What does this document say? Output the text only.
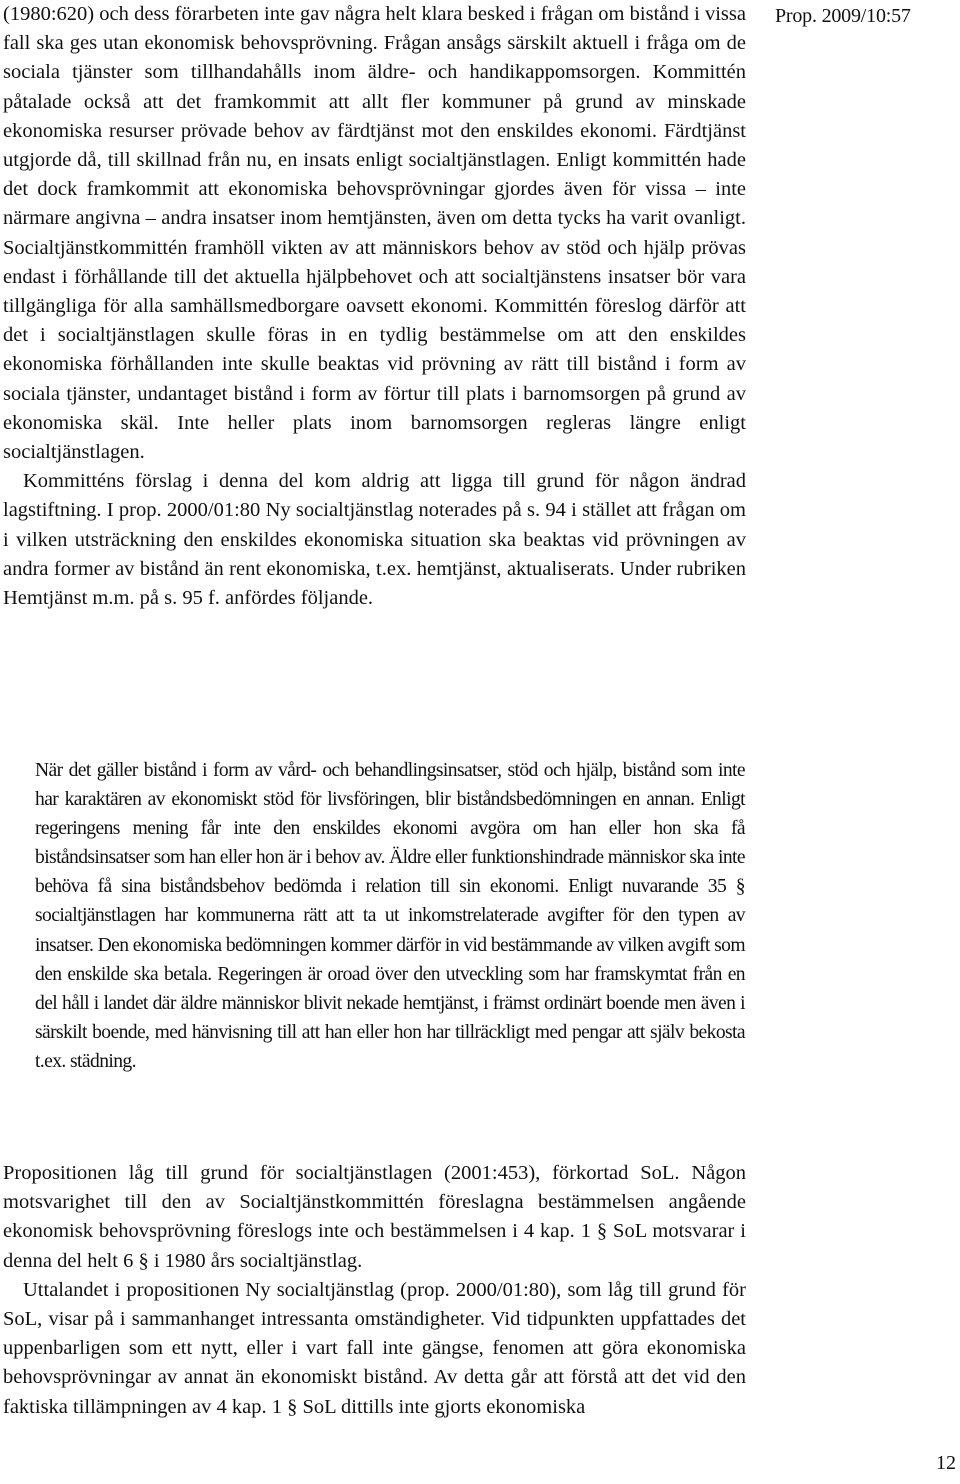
Prop. 2009/10:57

(1980:620) och dess förarbeten inte gav några helt klara besked i frågan om bistånd i vissa fall ska ges utan ekonomisk behovsprövning. Frågan ansågs särskilt aktuell i fråga om de sociala tjänster som tillhandahålls inom äldre- och handikappomsorgen. Kommittén påtalade också att det framkommit att allt fler kommuner på grund av minskade ekonomiska resurser prövade behov av färdtjänst mot den enskildes ekonomi. Färdtjänst utgjorde då, till skillnad från nu, en insats enligt socialtjänstlagen. Enligt kommittén hade det dock framkommit att ekonomiska behovsprövningar gjordes även för vissa – inte närmare angivna – andra insatser inom hemtjänsten, även om detta tycks ha varit ovanligt. Socialtjänstkommittén framhöll vikten av att människors behov av stöd och hjälp prövas endast i förhållande till det aktuella hjälpbehovet och att socialtjänstens insatser bör vara tillgängliga för alla samhällsmedborgare oavsett ekonomi. Kommittén föreslog därför att det i socialtjänstlagen skulle föras in en tydlig bestämmelse om att den enskildes ekonomiska förhållanden inte skulle beaktas vid prövning av rätt till bistånd i form av sociala tjänster, undantaget bistånd i form av förtur till plats i barnomsorgen på grund av ekonomiska skäl. Inte heller plats inom barnomsorgen regleras längre enligt socialtjänstlagen.

Kommitténs förslag i denna del kom aldrig att ligga till grund för någon ändrad lagstiftning. I prop. 2000/01:80 Ny socialtjänstlag noterades på s. 94 i stället att frågan om i vilken utsträckning den enskildes ekonomiska situation ska beaktas vid prövningen av andra former av bistånd än rent ekonomiska, t.ex. hemtjänst, aktualiserats. Under rubriken Hemtjänst m.m. på s. 95 f. anfördes följande.

När det gäller bistånd i form av vård- och behandlingsinsatser, stöd och hjälp, bistånd som inte har karaktären av ekonomiskt stöd för livsföringen, blir biståndsbedömningen en annan. Enligt regeringens mening får inte den enskildes ekonomi avgöra om han eller hon ska få biståndsinsatser som han eller hon är i behov av. Äldre eller funktionshindrade människor ska inte behöva få sina biståndsbehov bedömda i relation till sin ekonomi. Enligt nuvarande 35 § socialtjänstlagen har kommunerna rätt att ta ut inkomstrelaterade avgifter för den typen av insatser. Den ekonomiska bedömningen kommer därför in vid bestämmande av vilken avgift som den enskilde ska betala. Regeringen är oroad över den utveckling som har framskymtat från en del håll i landet där äldre människor blivit nekade hemtjänst, i främst ordinärt boende men även i särskilt boende, med hänvisning till att han eller hon har tillräckligt med pengar att själv bekosta t.ex. städning.

Propositionen låg till grund för socialtjänstlagen (2001:453), förkortad SoL. Någon motsvarighet till den av Socialtjänstkommittén föreslagna bestämmelsen angående ekonomisk behovsprövning föreslogs inte och bestämmelsen i 4 kap. 1 § SoL motsvarar i denna del helt 6 § i 1980 års socialtjänstlag.

Uttalandet i propositionen Ny socialtjänstlag (prop. 2000/01:80), som låg till grund för SoL, visar på i sammanhanget intressanta omständigheter. Vid tidpunkten uppfattades det uppenbarligen som ett nytt, eller i vart fall inte gängse, fenomen att göra ekonomiska behovsprövningar av annat än ekonomiskt bistånd. Av detta går att förstå att det vid den faktiska tillämpningen av 4 kap. 1 § SoL dittills inte gjorts ekonomiska

12
